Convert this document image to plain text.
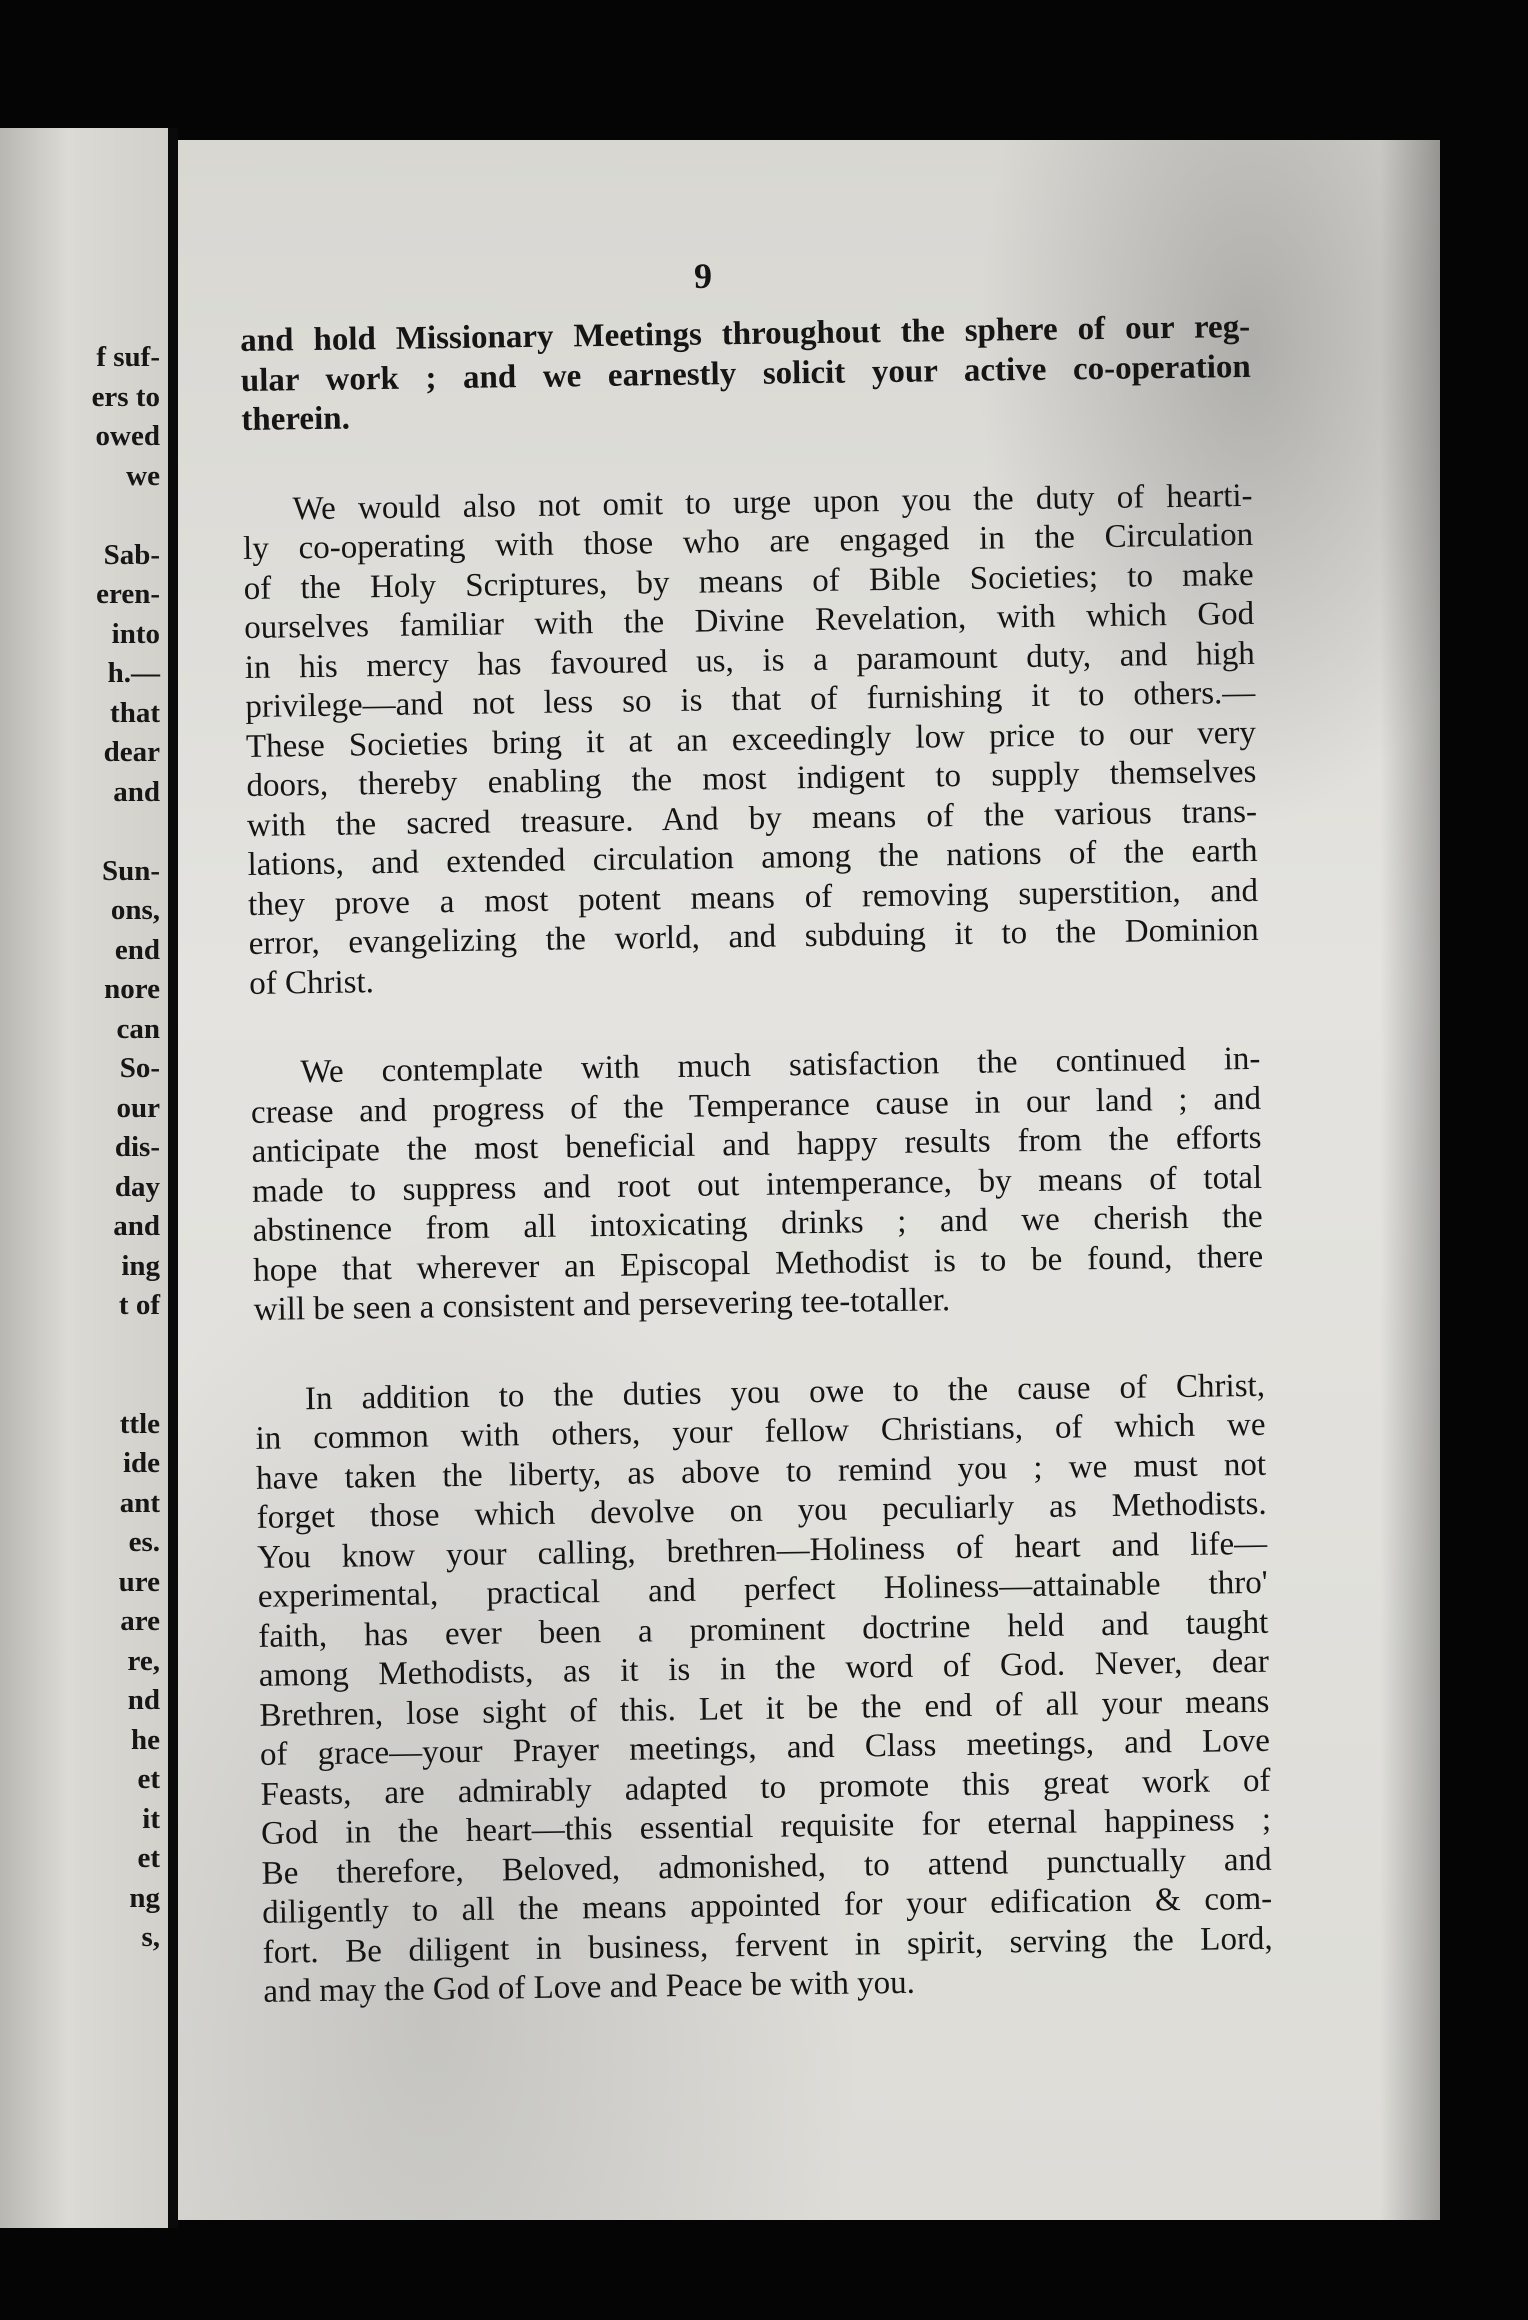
f suf-
ers to
owed
we
Sab-
eren-
into
h.—
that
dear
and
Sun-
ons,
end
nore
can
So-
our
dis-
day
and
ing
t of
ttle
ide
ant
es.
ure
are
re,
nd
he
et
it
et
ng
s,
9
and hold Missionary Meetings throughout the sphere of our reg-
ular work ; and we earnestly solicit your active co-operation
therein.
We would also not omit to urge upon you the duty of hearti-
ly co-operating with those who are engaged in the Circulation
of the Holy Scriptures, by means of Bible Societies; to make
ourselves familiar with the Divine Revelation, with which God
in his mercy has favoured us, is a paramount duty, and high
privilege—and not less so is that of furnishing it to others.—
These Societies bring it at an exceedingly low price to our very
doors, thereby enabling the most indigent to supply themselves
with the sacred treasure. And by means of the various trans-
lations, and extended circulation among the nations of the earth
they prove a most potent means of removing superstition, and
error, evangelizing the world, and subduing it to the Dominion
of Christ.
We contemplate with much satisfaction the continued in-
crease and progress of the Temperance cause in our land ; and
anticipate the most beneficial and happy results from the efforts
made to suppress and root out intemperance, by means of total
abstinence from all intoxicating drinks ; and we cherish the
hope that wherever an Episcopal Methodist is to be found, there
will be seen a consistent and persevering tee-totaller.
In addition to the duties you owe to the cause of Christ,
in common with others, your fellow Christians, of which we
have taken the liberty, as above to remind you ; we must not
forget those which devolve on you peculiarly as Methodists.
You know your calling, brethren—Holiness of heart and life—
experimental, practical and perfect Holiness—attainable thro'
faith, has ever been a prominent doctrine held and taught
among Methodists, as it is in the word of God. Never, dear
Brethren, lose sight of this. Let it be the end of all your means
of grace—your Prayer meetings, and Class meetings, and Love
Feasts, are admirably adapted to promote this great work of
God in the heart—this essential requisite for eternal happiness ;
Be therefore, Beloved, admonished, to attend punctually and
diligently to all the means appointed for your edification & com-
fort. Be diligent in business, fervent in spirit, serving the Lord,
and may the God of Love and Peace be with you.
